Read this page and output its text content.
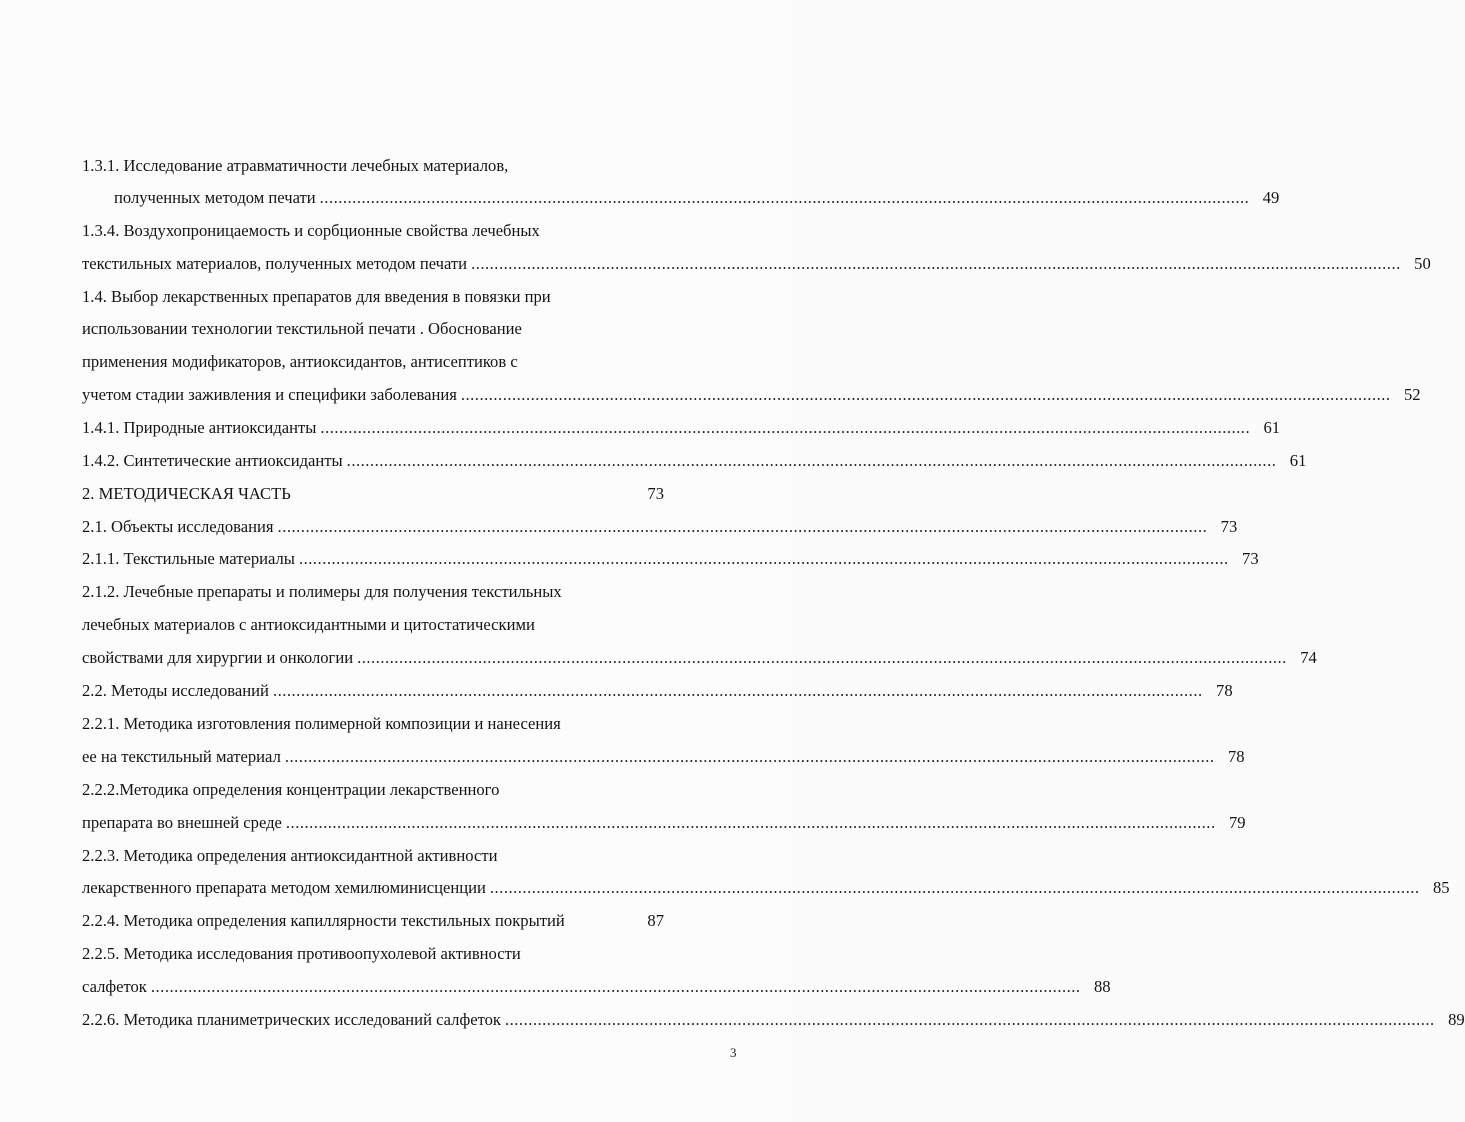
1.3.1. Исследование атравматичности лечебных материалов,
полученных методом печати ........................................................................................................................................................................................................ 49
1.3.4. Воздухопроницаемость и сорбционные свойства лечебных
текстильных материалов, полученных методом печати ........................................................................................................................................................................................................ 50
1.4. Выбор лекарственных препаратов для введения в повязки при
использовании технологии текстильной печати . Обоснование
применения модификаторов, антиоксидантов, антисептиков с
учетом стадии заживления и специфики заболевания ........................................................................................................................................................................................................ 52
1.4.1. Природные антиоксиданты ........................................................................................................................................................................................................ 61
1.4.2. Синтетические антиоксиданты ........................................................................................................................................................................................................ 61
2. МЕТОДИЧЕСКАЯ ЧАСТЬ	73
2.1. Объекты исследования ........................................................................................................................................................................................................ 73
2.1.1. Текстильные материалы ........................................................................................................................................................................................................ 73
2.1.2. Лечебные препараты и полимеры для получения текстильных
лечебных материалов с антиоксидантными и цитостатическими
свойствами для хирургии и онкологии ........................................................................................................................................................................................................ 74
2.2. Методы исследований ........................................................................................................................................................................................................ 78
2.2.1. Методика изготовления полимерной композиции и нанесения
ее на текстильный материал ........................................................................................................................................................................................................ 78
2.2.2.Методика определения концентрации лекарственного
препарата во внешней среде ........................................................................................................................................................................................................ 79
2.2.3. Методика определения антиоксидантной активности
лекарственного препарата методом хемилюминисценции ........................................................................................................................................................................................................ 85
2.2.4. Методика определения капиллярности текстильных покрытий	87
2.2.5. Методика исследования противоопухолевой активности
салфеток ........................................................................................................................................................................................................ 88
2.2.6. Методика планиметрических исследований салфеток ........................................................................................................................................................................................................ 89
3
